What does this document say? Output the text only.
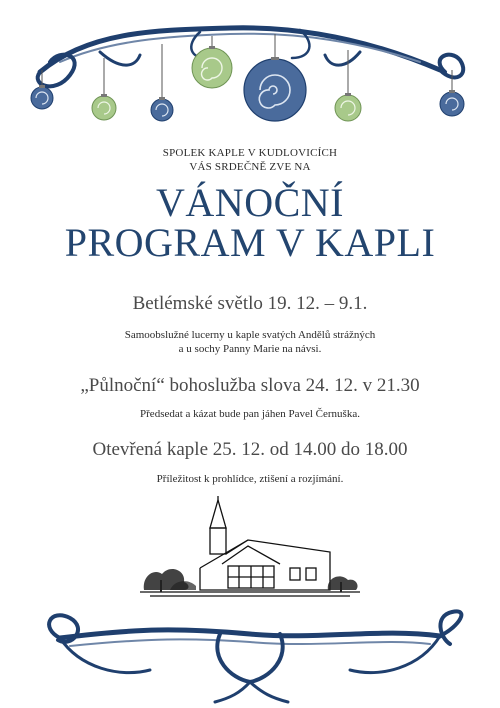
SPOLEK KAPLE V KUDLOVICÍCH
VÁS SRDEČNĚ ZVE NA

VÁNOČNÍ
PROGRAM V KAPLI

Betlémské světlo 19. 12. – 9.1.

Samoobslužné lucerny u kaple svatých Andělů strážných
a u sochy Panny Marie na návsi.

„Půlnoční“ bohoslužba slova 24. 12. v 21.30

Předsedat a kázat bude pan jáhen Pavel Černuška.

Otevřená kaple 25. 12. od 14.00 do 18.00

Příležitost k prohlídce, ztišení a rozjímání.
